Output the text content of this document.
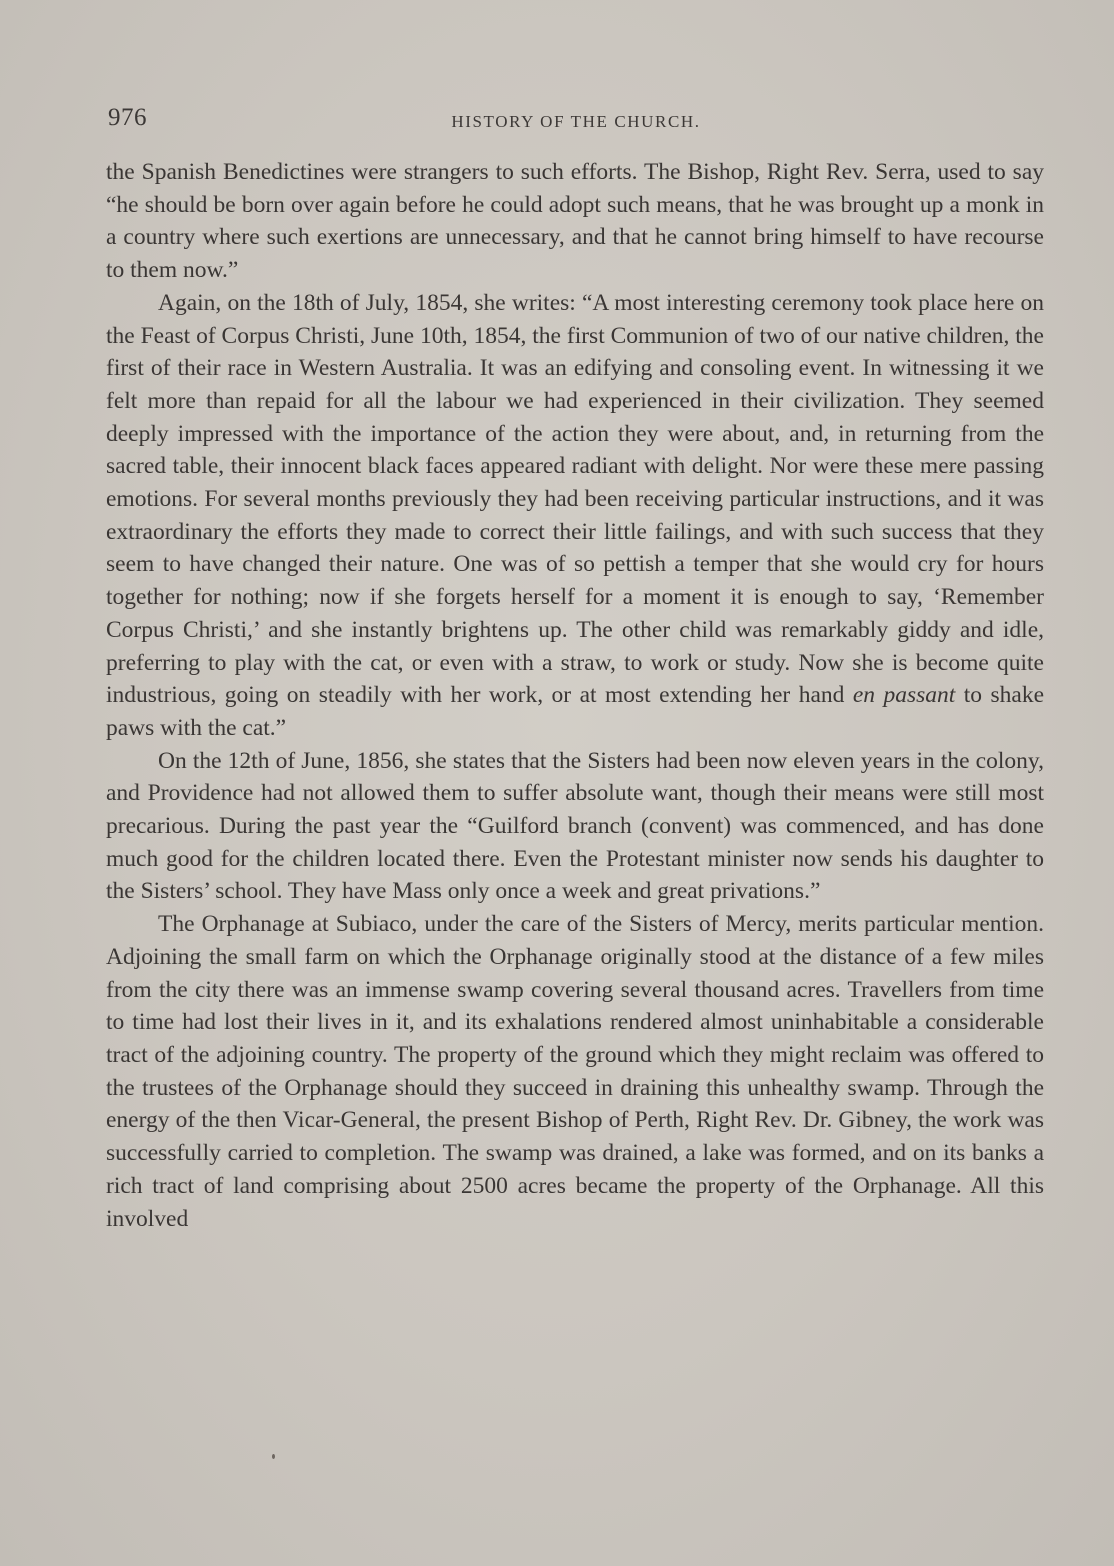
976	HISTORY OF THE CHURCH.

the Spanish Benedictines were strangers to such efforts. The Bishop, Right Rev. Serra, used to say “he should be born over again before he could adopt such means, that he was brought up a monk in a country where such exertions are unnecessary, and that he cannot bring himself to have recourse to them now.”

Again, on the 18th of July, 1854, she writes: “A most interesting ceremony took place here on the Feast of Corpus Christi, June 10th, 1854, the first Communion of two of our native children, the first of their race in Western Australia. It was an edifying and consoling event. In witnessing it we felt more than repaid for all the labour we had experienced in their civilization. They seemed deeply impressed with the importance of the action they were about, and, in returning from the sacred table, their innocent black faces appeared radiant with delight. Nor were these mere passing emotions. For several months previously they had been receiving particular instructions, and it was extraordinary the efforts they made to correct their little failings, and with such success that they seem to have changed their nature. One was of so pettish a temper that she would cry for hours together for nothing; now if she forgets herself for a moment it is enough to say, ‘Remember Corpus Christi,’ and she instantly brightens up. The other child was remarkably giddy and idle, preferring to play with the cat, or even with a straw, to work or study. Now she is become quite industrious, going on steadily with her work, or at most extending her hand en passant to shake paws with the cat.”

On the 12th of June, 1856, she states that the Sisters had been now eleven years in the colony, and Providence had not allowed them to suffer absolute want, though their means were still most precarious. During the past year the “Guilford branch (convent) was commenced, and has done much good for the children located there. Even the Protestant minister now sends his daughter to the Sisters’ school. They have Mass only once a week and great privations.”

The Orphanage at Subiaco, under the care of the Sisters of Mercy, merits particular mention. Adjoining the small farm on which the Orphanage originally stood at the distance of a few miles from the city there was an immense swamp covering several thousand acres. Travellers from time to time had lost their lives in it, and its exhalations rendered almost uninhabitable a considerable tract of the adjoining country. The property of the ground which they might reclaim was offered to the trustees of the Orphanage should they succeed in draining this unhealthy swamp. Through the energy of the then Vicar-General, the present Bishop of Perth, Right Rev. Dr. Gibney, the work was successfully carried to completion. The swamp was drained, a lake was formed, and on its banks a rich tract of land comprising about 2500 acres became the property of the Orphanage. All this involved
